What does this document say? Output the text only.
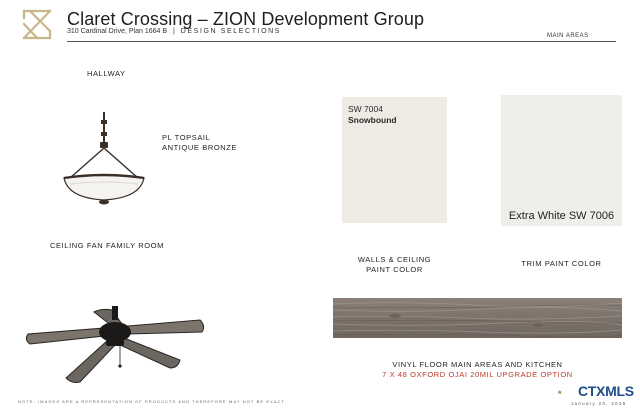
Claret Crossing – ZION Development Group
310 Cardinal Drive, Plan 1664 B | DESIGN SELECTIONS
MAIN AREAS
HALLWAY
PL TOPSAIL
ANTIQUE BRONZE
CEILING FAN FAMILY ROOM
SW 7004
Snowbound
WALLS & CEILING
PAINT COLOR
Extra White SW 7006
TRIM PAINT COLOR
VINYL FLOOR MAIN AREAS AND KITCHEN
7 X 48 OXFORD OJAI 20MIL UPGRADE OPTION
NOTE: IMAGES ARE A REPRESENTATION OF PRODUCTS AND THEREFORE MAY NOT BE EXACT.
CTXMLS
January 20, 2025
